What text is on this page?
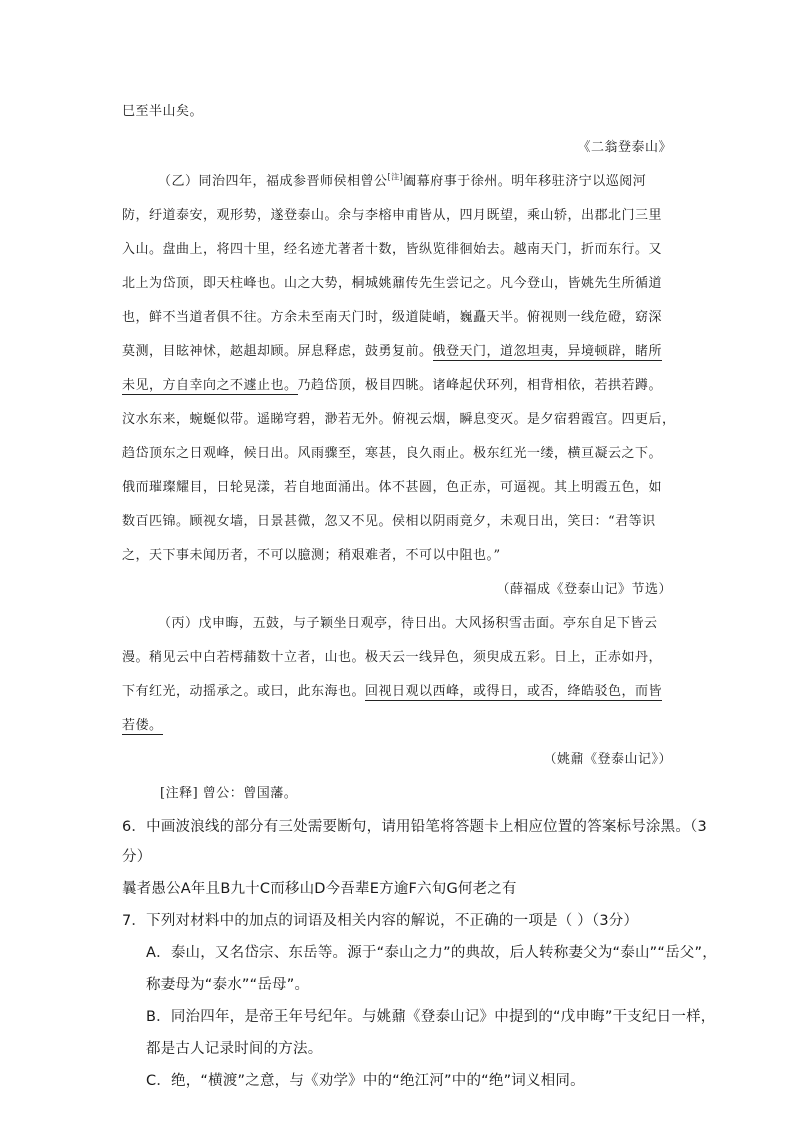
巳至半山矣。
《二翁登泰山》
（乙）同治四年，福成参晋师侯相曾公[注]阖幕府事于徐州。明年移驻济宁以巡阅河
防，纡道泰安，观形势，遂登泰山。余与李榕申甫皆从，四月既望，乘山轿，出郡北门三里
入山。盘曲上，将四十里，经名迹尤著者十数，皆纵览徘徊始去。越南天门，折而东行。又
北上为岱顶，即天柱峰也。山之大势，桐城姚鼐传先生尝记之。凡今登山，皆姚先生所循道
也，鲜不当道者俱不往。方余未至南天门时，级道陡峭，巍矗天半。俯视则一线危磴，窈深
莫测，目眩神怵，趑趄却顾。屏息释虑，鼓勇复前。俄登天门，道忽坦夷，异境顿辟，睹所
未见，方自幸向之不遽止也。乃趋岱顶，极目四眺。诸峰起伏环列，相背相依，若拱若蹲。
汶水东来，蜿蜒似带。遥睇穹碧，渺若无外。俯视云烟，瞬息变灭。是夕宿碧霞宫。四更后，
趋岱顶东之日观峰，候日出。风雨骤至，寒甚，良久雨止。极东红光一缕，横亘凝云之下。
俄而璀璨耀目，日轮晃漾，若自地面涌出。体不甚圆，色正赤，可逼视。其上明霞五色，如
数百匹锦。顾视女墙，日景甚微，忽又不见。侯相以阴雨竟夕，未观日出，笑曰：“君等识
之，天下事未闻历者，不可以臆测；稍艰难者，不可以中阻也。”
（薛福成《登泰山记》节选）
（丙）戊申晦，五鼓，与子颖坐日观亭，待日出。大风扬积雪击面。亭东自足下皆云
漫。稍见云中白若樗蒱数十立者，山也。极天云一线异色，须臾成五彩。日上，正赤如丹，
下有红光，动摇承之。或曰，此东海也。回视日观以西峰，或得日，或否，绛皓驳色，而皆
若偻。
（姚鼐《登泰山记》）
[注释] 曾公：曾国藩。
6．中画波浪线的部分有三处需要断句，请用铅笔将答题卡上相应位置的答案标号涂黑。（3
分）
曩者愚公A年且B九十C而移山D今吾辈E方逾F六旬G何老之有
7．下列对材料中的加点的词语及相关内容的解说，不正确的一项是（ ）（3分）
A．泰山，又名岱宗、东岳等。源于“泰山之力”的典故，后人转称妻父为“泰山”“岳父”，
称妻母为“泰水”“岳母”。
B．同治四年，是帝王年号纪年。与姚鼐《登泰山记》中提到的“戊申晦”干支纪日一样，
都是古人记录时间的方法。
C．绝，“横渡”之意，与《劝学》中的“绝江河”中的“绝”词义相同。
